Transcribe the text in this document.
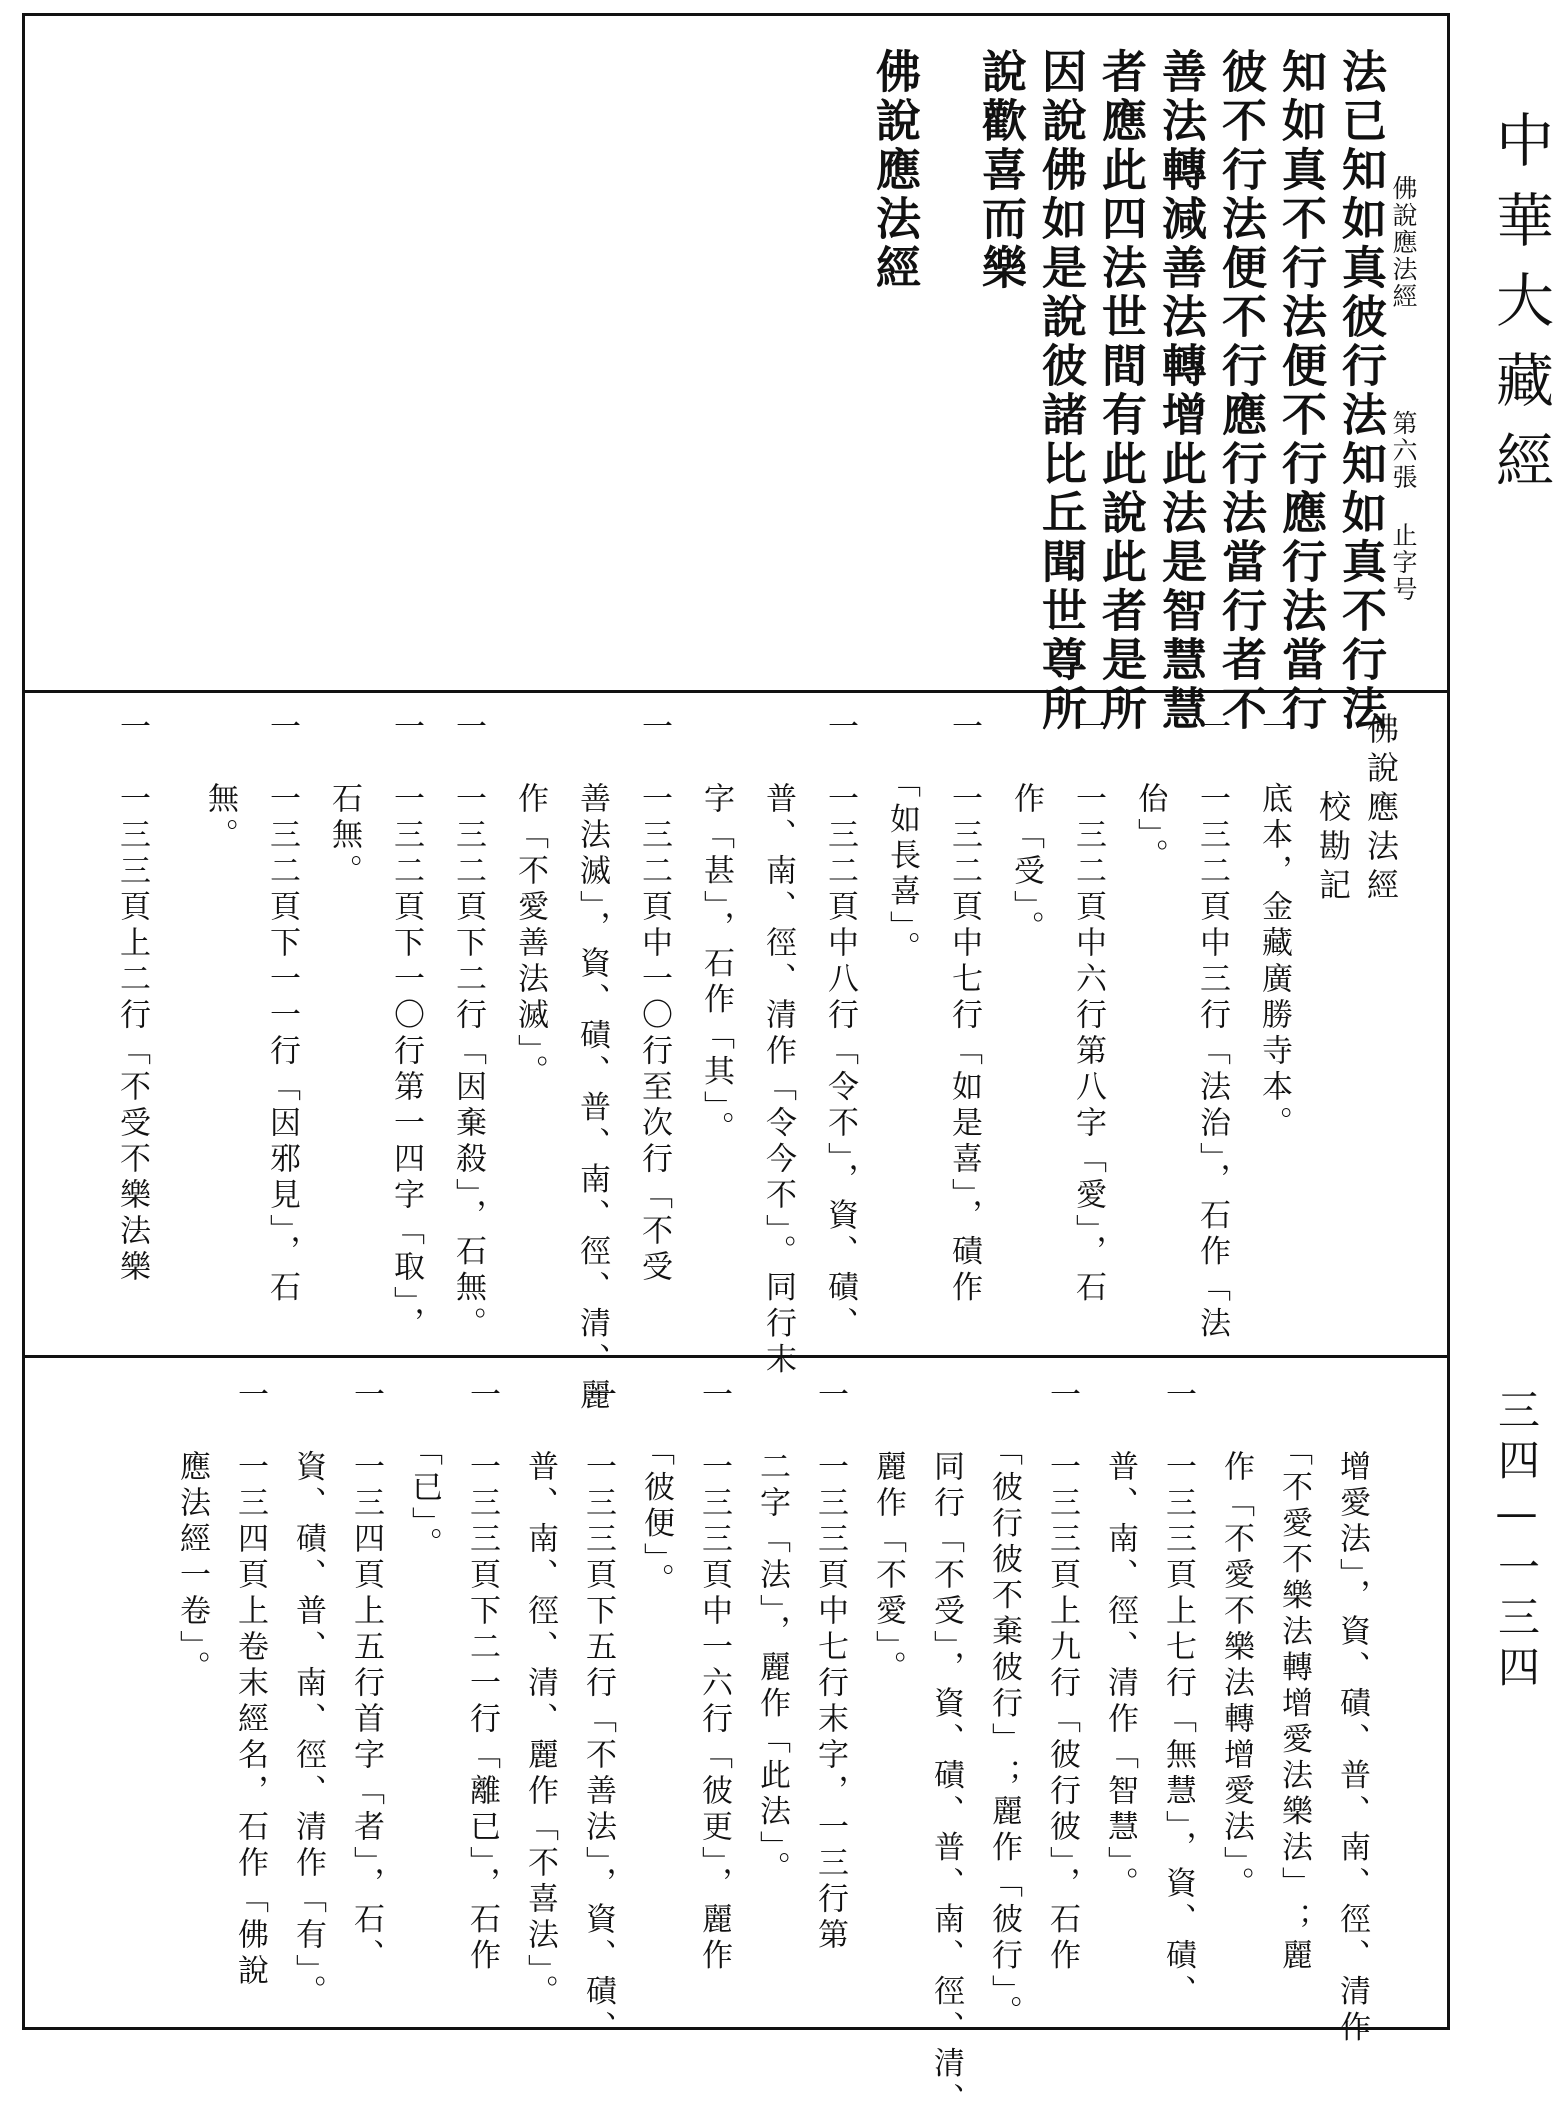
法已知如真彼行法知如真不行法

知如真不行法便不行應行法當行

彼不行法便不行應行法當行者不

善法轉減善法轉增此法是智慧慧

者應此四法世間有此說此者是所

因說佛如是說彼諸比丘聞世尊所

說歡喜而樂

佛說應法經	佛說應法經

第六張 止字号

佛說應法經

校勘記

一　底本，金藏廣勝寺本。

一　一三二頁中三行「法治」，石作「法

　　佁」。

一　一三二頁中六行第八字「愛」，石

　　作「受」。

一　一三二頁中七行「如是喜」，磧作

　　「如長喜」。

一　一三二頁中八行「令不」，資、磧、

　　普、南、徑、清作「令今不」。同行末

　　字「甚」，石作「其」。

一　一三二頁中一〇行至次行「不受

　　善法滅」，資、磧、普、南、徑、清、麗

　　作「不愛善法滅」。

一　一三二頁下二行「因棄殺」，石無。

一　一三二頁下一〇行第一四字「取」，

　　石無。

一　一三二頁下一一行「因邪見」，石

　　無。

一　一三三頁上二行「不受不樂法樂

　　增愛法」，資、磧、普、南、徑、清作

　　「不愛不樂法轉增愛法樂法」；麗

　　作「不愛不樂法轉增愛法」。

一　一三三頁上七行「無慧」，資、磧、

　　普、南、徑、清作「智慧」。

一　一三三頁上九行「彼行彼」，石作

　　「彼行彼不棄彼行」；麗作「彼行」。

　　同行「不受」，資、磧、普、南、徑、清、

　　麗作「不愛」。

一　一三三頁中七行末字，一三行第

　　二字「法」，麗作「此法」。

一　一三三頁中一六行「彼更」，麗作

　　「彼便」。

一　一三三頁下五行「不善法」，資、磧、

　　普、南、徑、清、麗作「不喜法」。

一　一三三頁下二一行「離已」，石作

　　「已」。

一　一三四頁上五行首字「者」，石、

　　資、磧、普、南、徑、清作「有」。

一　一三四頁上卷末經名，石作「佛說

　　應法經一卷」。

中華大藏經

三四—一三四
